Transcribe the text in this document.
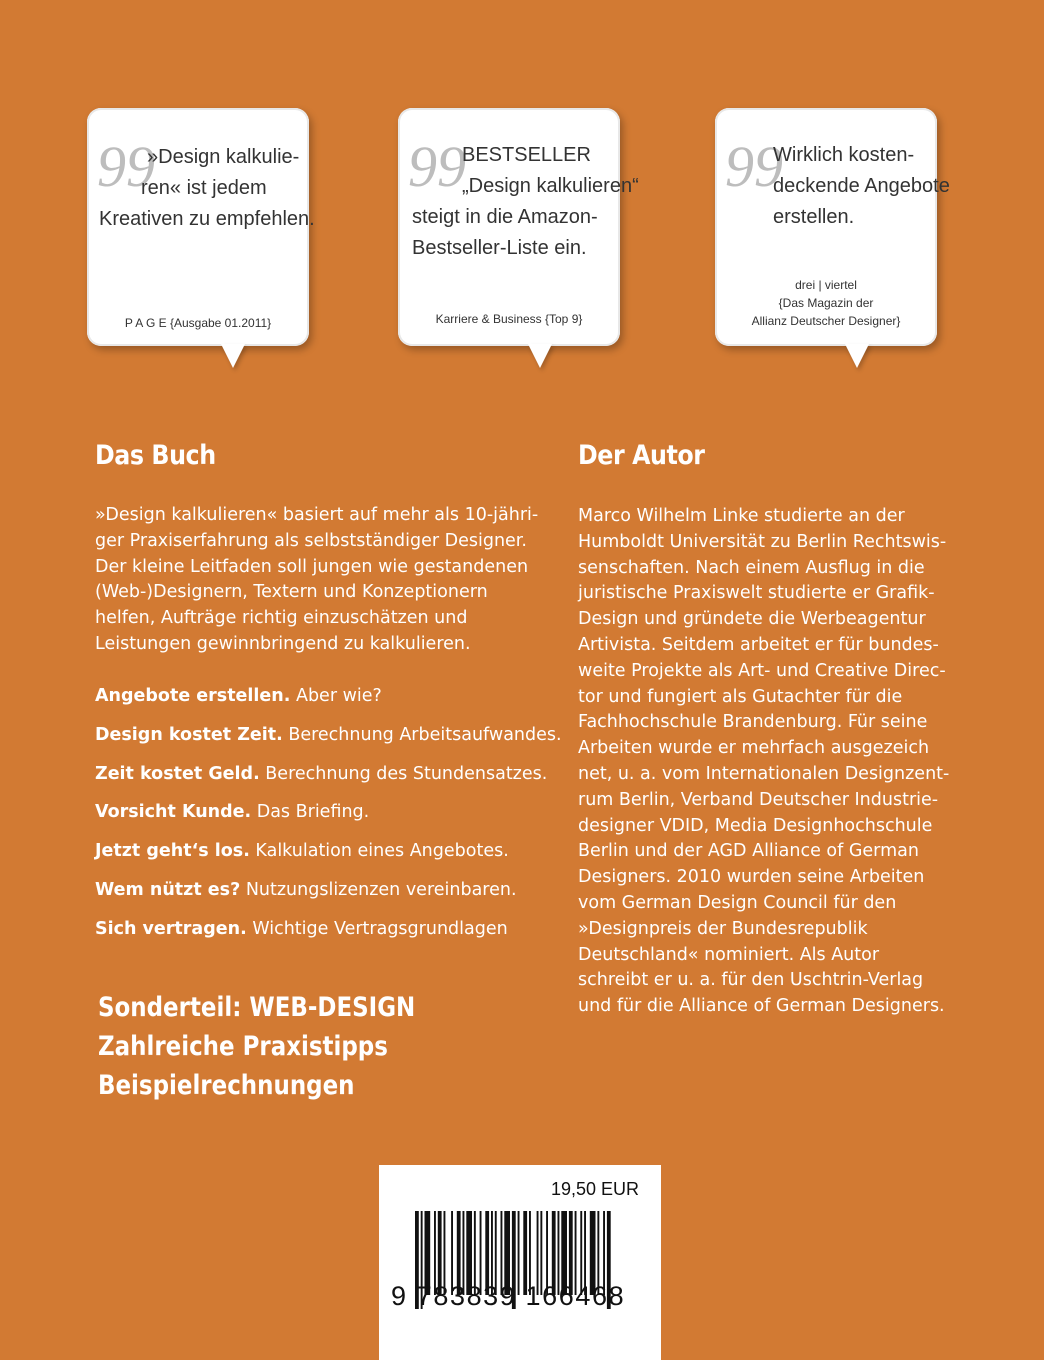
99
»Design kalkulie-
ren« ist jedem
Kreativen zu empfehlen.
P A G E {Ausgabe 01.2011}
99
BESTSELLER
„Design kalkulieren“
steigt in die Amazon-
Bestseller-Liste ein.
Karriere & Business {Top 9}
99
Wirklich kosten-
deckende Angebote
erstellen.
drei | viertel
{Das Magazin der
Allianz Deutscher Designer}
Das Buch
»Design kalkulieren« basiert auf mehr als 10-jähri-
ger Praxiserfahrung als selbstständiger Designer.
Der kleine Leitfaden soll jungen wie gestandenen
(Web-)Designern, Textern und Konzeptionern
helfen, Aufträge richtig einzuschätzen und
Leistungen gewinnbringend zu kalkulieren.
Angebote erstellen. Aber wie?
Design kostet Zeit. Berechnung Arbeitsaufwandes.
Zeit kostet Geld. Berechnung des Stundensatzes.
Vorsicht Kunde. Das Briefing.
Jetzt geht‘s los. Kalkulation eines Angebotes.
Wem nützt es? Nutzungslizenzen vereinbaren.
Sich vertragen. Wichtige Vertragsgrundlagen
Sonderteil: WEB-DESIGN
Zahlreiche Praxistipps
Beispielrechnungen
Der Autor
Marco Wilhelm Linke studierte an der
Humboldt Universität zu Berlin Rechtswis-
senschaften. Nach einem Ausflug in die
juristische Praxiswelt studierte er Grafik-
Design und gründete die Werbeagentur
Artivista. Seitdem arbeitet er für bundes-
weite Projekte als Art- und Creative Direc-
tor und fungiert als Gutachter für die
Fachhochschule Brandenburg. Für seine
Arbeiten wurde er mehrfach ausgezeich
net, u. a. vom Internationalen Designzent-
rum Berlin, Verband Deutscher Industrie-
designer VDID, Media Designhochschule
Berlin und der AGD Alliance of German
Designers. 2010 wurden seine Arbeiten
vom German Design Council für den
»Designpreis der Bundesrepublik
Deutschland« nominiert. Als Autor
schreibt er u. a. für den Uschtrin-Verlag
und für die Alliance of German Designers.
19,50 EUR
9 783839 166468
